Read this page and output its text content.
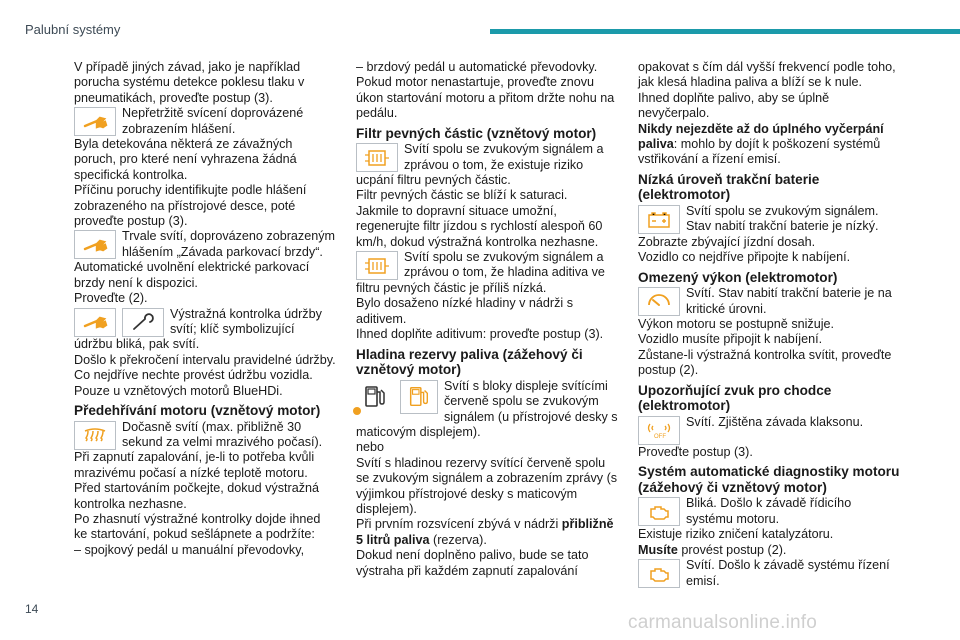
Palubní systémy

V případě jiných závad, jako je například porucha systému detekce poklesu tlaku v pneumatikách, proveďte postup (3).

Nepřetržitě svícení doprovázené zobrazením hlášení.

Byla detekována některá ze závažných poruch, pro které není vyhrazena žádná specifická kontrolka.

Příčinu poruchy identifikujte podle hlášení zobrazeného na přístrojové desce, poté proveďte postup (3).

Trvale svítí, doprovázeno zobrazeným hlášením „Závada parkovací brzdy“.

Automatické uvolnění elektrické parkovací brzdy není k dispozici.

Proveďte (2).

Výstražná kontrolka údržby svítí; klíč symbolizující údržbu bliká, pak svítí.

Došlo k překročení intervalu pravidelné údržby.

Co nejdříve nechte provést údržbu vozidla.

Pouze u vznětových motorů BlueHDi.

Předehřívání motoru (vznětový motor)

Dočasně svítí (max. přibližně 30 sekund za velmi mrazivého počasí).

Při zapnutí zapalování, je-li to potřeba kvůli mrazivému počasí a nízké teplotě motoru.

Před startováním počkejte, dokud výstražná kontrolka nezhasne.

Po zhasnutí výstražné kontrolky dojde ihned ke startování, pokud sešlápnete a podržíte:

– spojkový pedál u manuální převodovky,

– brzdový pedál u automatické převodovky.

Pokud motor nenastartuje, proveďte znovu úkon startování motoru a přitom držte nohu na pedálu.

Filtr pevných částic (vznětový motor)

Svítí spolu se zvukovým signálem a zprávou o tom, že existuje riziko ucpání filtru pevných částic.

Filtr pevných částic se blíží k saturaci.

Jakmile to dopravní situace umožní, regenerujte filtr jízdou s rychlostí alespoň 60 km/h, dokud výstražná kontrolka nezhasne.

Svítí spolu se zvukovým signálem a zprávou o tom, že hladina aditiva ve filtru pevných částic je příliš nízká.

Bylo dosaženo nízké hladiny v nádrži s aditivem.

Ihned doplňte aditivum: proveďte postup (3).

Hladina rezervy paliva (zážehový či vznětový motor)

Svítí s bloky displeje svítícími červeně spolu se zvukovým signálem (u přístrojové desky s maticovým displejem).

nebo

Svítí s hladinou rezervy svítící červeně spolu se zvukovým signálem a zobrazením zprávy (s výjimkou přístrojové desky s maticovým displejem).

Při prvním rozsvícení zbývá v nádrži přibližně 5 litrů paliva (rezerva).

Dokud není doplněno palivo, bude se tato výstraha při každém zapnutí zapalování

opakovat s čím dál vyšší frekvencí podle toho, jak klesá hladina paliva a blíží se k nule.

Ihned doplňte palivo, aby se úplně nevyčerpalo.

Nikdy nejezděte až do úplného vyčerpání paliva: mohlo by dojít k poškození systémů vstřikování a řízení emisí.

Nízká úroveň trakční baterie (elektromotor)

Svítí spolu se zvukovým signálem. Stav nabití trakční baterie je nízký.

Zobrazte zbývající jízdní dosah.

Vozidlo co nejdříve připojte k nabíjení.

Omezený výkon (elektromotor)

Svítí. Stav nabití trakční baterie je na kritické úrovni.

Výkon motoru se postupně snižuje.

Vozidlo musíte připojit k nabíjení.

Zůstane-li výstražná kontrolka svítit, proveďte postup (2).

Upozorňující zvuk pro chodce (elektromotor)
OFF

Svítí. Zjištěna závada klaksonu.

Proveďte postup (3).

Systém automatické diagnostiky motoru (zážehový či vznětový motor)

Bliká. Došlo k závadě řídicího systému motoru.

Existuje riziko zničení katalyzátoru.

Musíte provést postup (2).

Svítí. Došlo k závadě systému řízení emisí.

14
carmanualsonline.info
